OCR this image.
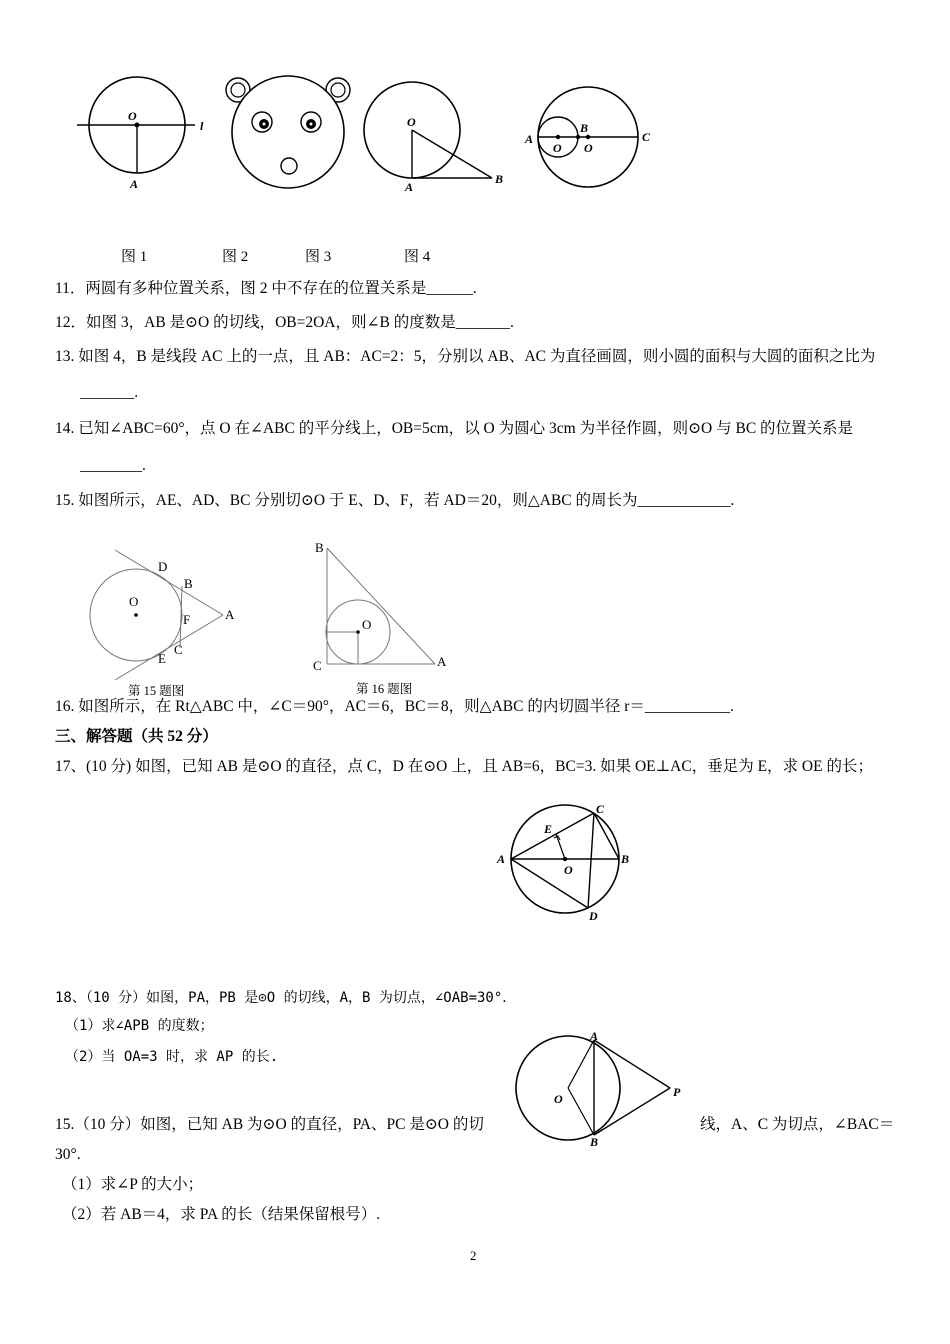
O
l
A
O
A
B
A
O
B
O
C
图 1	图 2	图 3	图 4
11．两圆有多种位置关系，图 2 中不存在的位置关系是______.
12．如图 3，AB 是⊙O 的切线，OB=2OA，则∠B 的度数是_______.
13. 如图 4，B 是线段 AC 上的一点，且 AB：AC=2：5，分别以 AB、AC 为直径画圆，则小圆的面积与大圆的面积之比为
_______.
14. 已知∠ABC=60°，点 O 在∠ABC 的平分线上，OB=5cm，以 O 为圆心 3cm 为半径作圆，则⊙O 与 BC 的位置关系是
________.
15. 如图所示，AE、AD、BC 分别切⊙O 于 E、D、F，若 AD＝20，则△ABC 的周长为____________.
D
B
O
A
F
C
E
B
O
C	A
第 15 题图	第 16 题图
16. 如图所示，在 Rt△ABC 中，∠C＝90°，AC＝6，BC＝8，则△ABC 的内切圆半径 r＝___________.
三、解答题（共 52 分）
17、(10 分) 如图，已知 AB 是⊙O 的直径，点 C，D 在⊙O 上，且 AB=6，BC=3. 如果 OE⊥AC，垂足为 E，求 OE 的长；
C
E
A
O
B
D
18、（10 分）如图，PA，PB 是⊙O 的切线，A，B 为切点，∠OAB=30°．
（1）求∠APB 的度数；
（2）当 OA=3 时，求 AP 的长.
A
O	P
B
15.（10 分）如图，已知 AB 为⊙O 的直径，PA、PC 是⊙O 的切	线，A、C 为切点，∠BAC＝
30°.
（1）求∠P 的大小；
（2）若 AB＝4，求 PA 的长（结果保留根号）.
2
